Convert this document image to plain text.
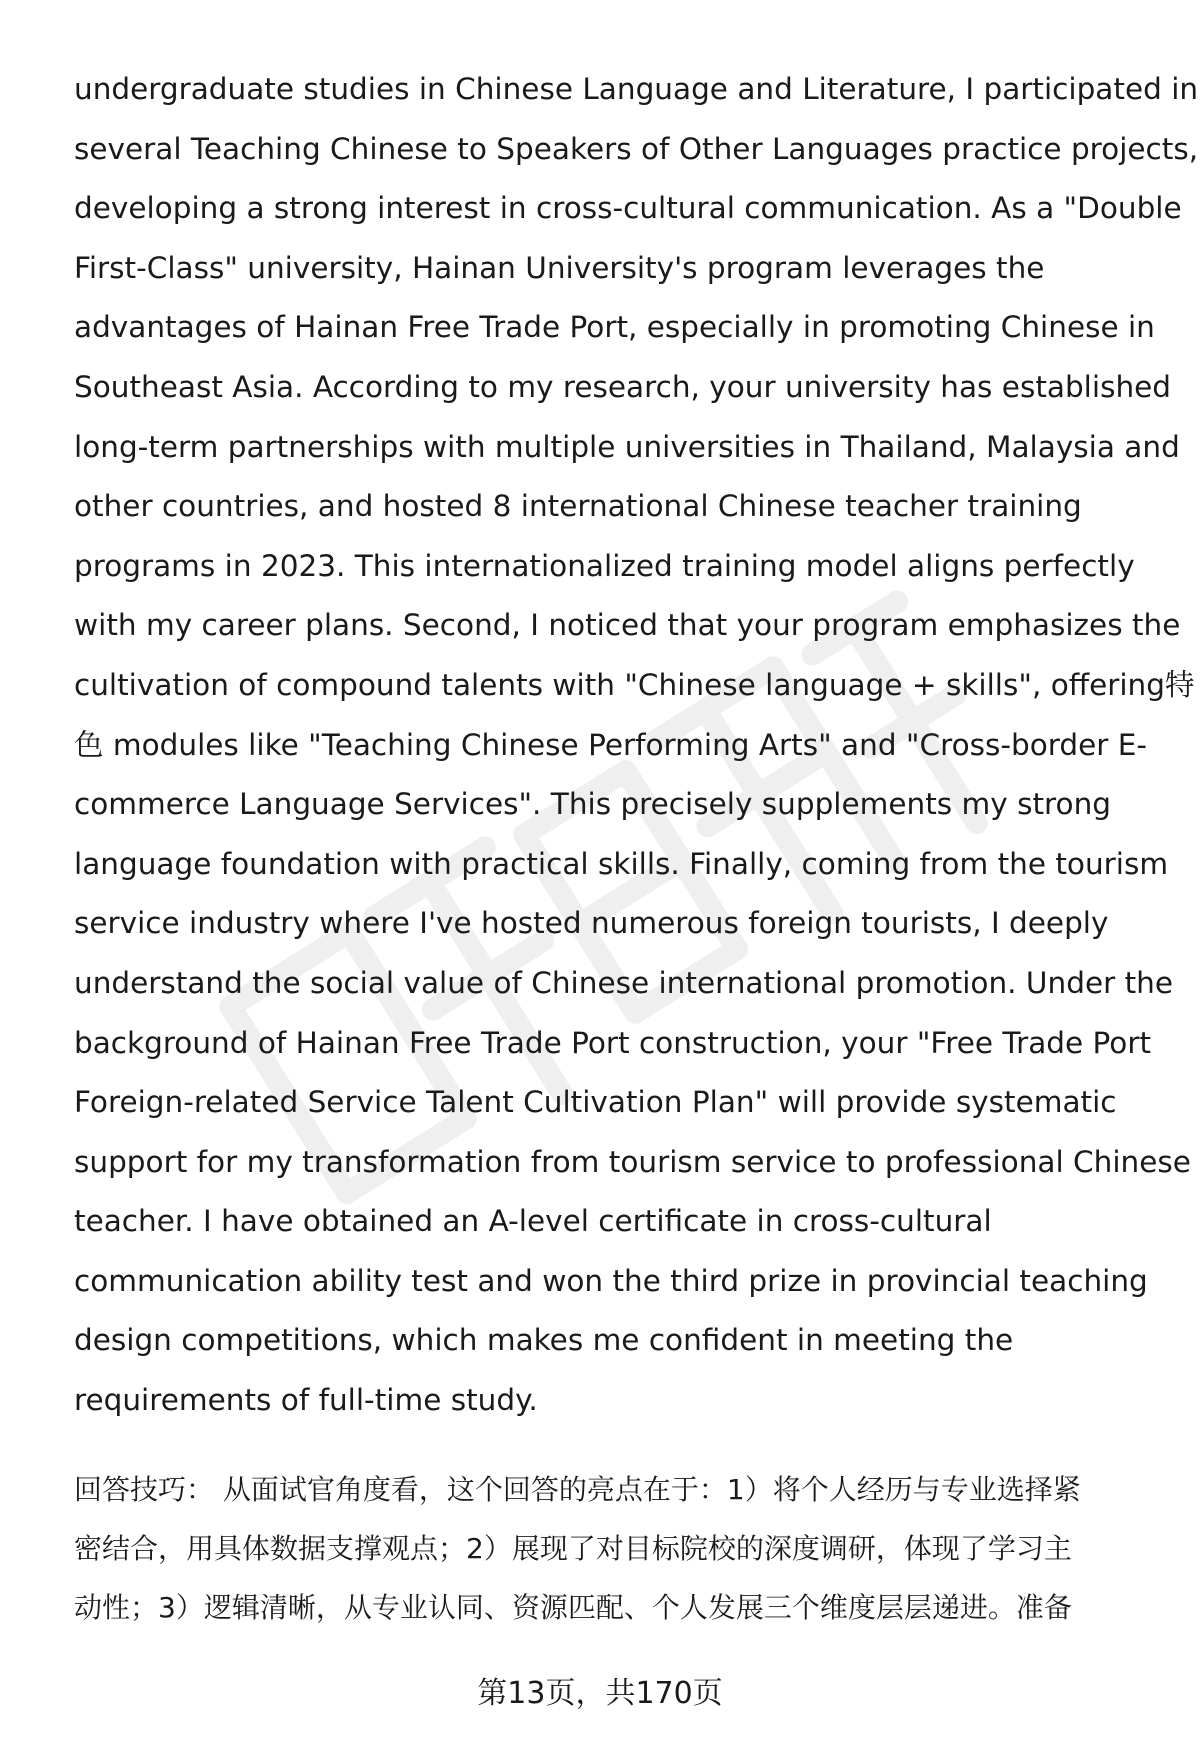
undergraduate studies in Chinese Language and Literature, I participated in
several Teaching Chinese to Speakers of Other Languages practice projects,
developing a strong interest in cross-cultural communication. As a "Double
First-Class" university, Hainan University's program leverages the
advantages of Hainan Free Trade Port, especially in promoting Chinese in
Southeast Asia. According to my research, your university has established
long-term partnerships with multiple universities in Thailand, Malaysia and
other countries, and hosted 8 international Chinese teacher training
programs in 2023. This internationalized training model aligns perfectly
with my career plans. Second, I noticed that your program emphasizes the
cultivation of compound talents with "Chinese language + skills", offering特
色 modules like "Teaching Chinese Performing Arts" and "Cross-border E-
commerce Language Services". This precisely supplements my strong
language foundation with practical skills. Finally, coming from the tourism
service industry where I've hosted numerous foreign tourists, I deeply
understand the social value of Chinese international promotion. Under the
background of Hainan Free Trade Port construction, your "Free Trade Port
Foreign-related Service Talent Cultivation Plan" will provide systematic
support for my transformation from tourism service to professional Chinese
teacher. I have obtained an A-level certificate in cross-cultural
communication ability test and won the third prize in provincial teaching
design competitions, which makes me confident in meeting the
requirements of full-time study.
回答技巧： 从面试官角度看，这个回答的亮点在于：1）将个人经历与专业选择紧
密结合，用具体数据支撑观点；2）展现了对目标院校的深度调研，体现了学习主
动性；3）逻辑清晰，从专业认同、资源匹配、个人发展三个维度层层递进。准备
第13页，共170页
